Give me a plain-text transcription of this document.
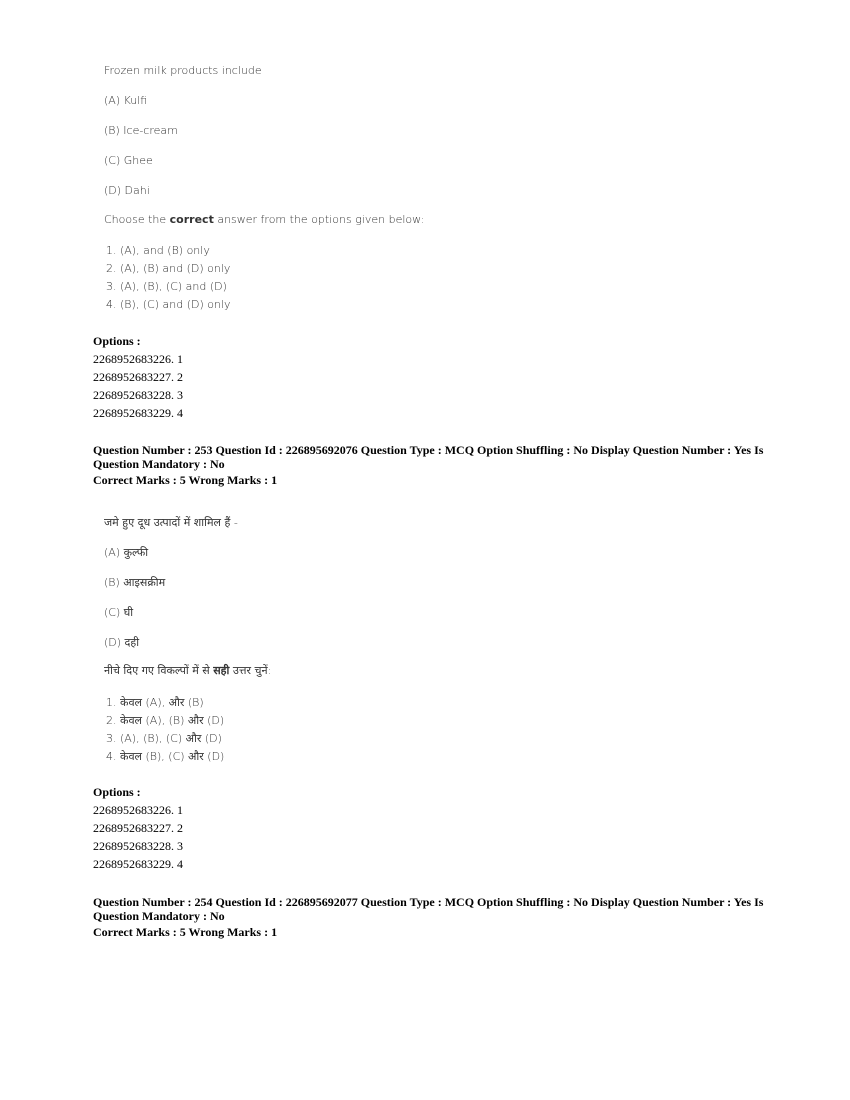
Frozen milk products include
(A) Kulfi
(B) Ice-cream
(C) Ghee
(D) Dahi
Choose the correct answer from the options given below:
1. (A), and (B) only
2. (A), (B) and (D) only
3. (A), (B), (C) and (D)
4. (B), (C) and (D) only
Options :
2268952683226. 1
2268952683227. 2
2268952683228. 3
2268952683229. 4
Question Number : 253 Question Id : 226895692076 Question Type : MCQ Option Shuffling : No Display Question Number : Yes Is Question Mandatory : No
Correct Marks : 5 Wrong Marks : 1
जमे हुए दूध उत्पादों में शामिल हैं -
(A) कुल्फी
(B) आइसक्रीम
(C) घी
(D) दही
नीचे दिए गए विकल्पों में से सही उत्तर चुनें:
1. केवल (A), और (B)
2. केवल (A), (B) और (D)
3. (A), (B), (C) और (D)
4. केवल (B), (C) और (D)
Options :
2268952683226. 1
2268952683227. 2
2268952683228. 3
2268952683229. 4
Question Number : 254 Question Id : 226895692077 Question Type : MCQ Option Shuffling : No Display Question Number : Yes Is Question Mandatory : No
Correct Marks : 5 Wrong Marks : 1
